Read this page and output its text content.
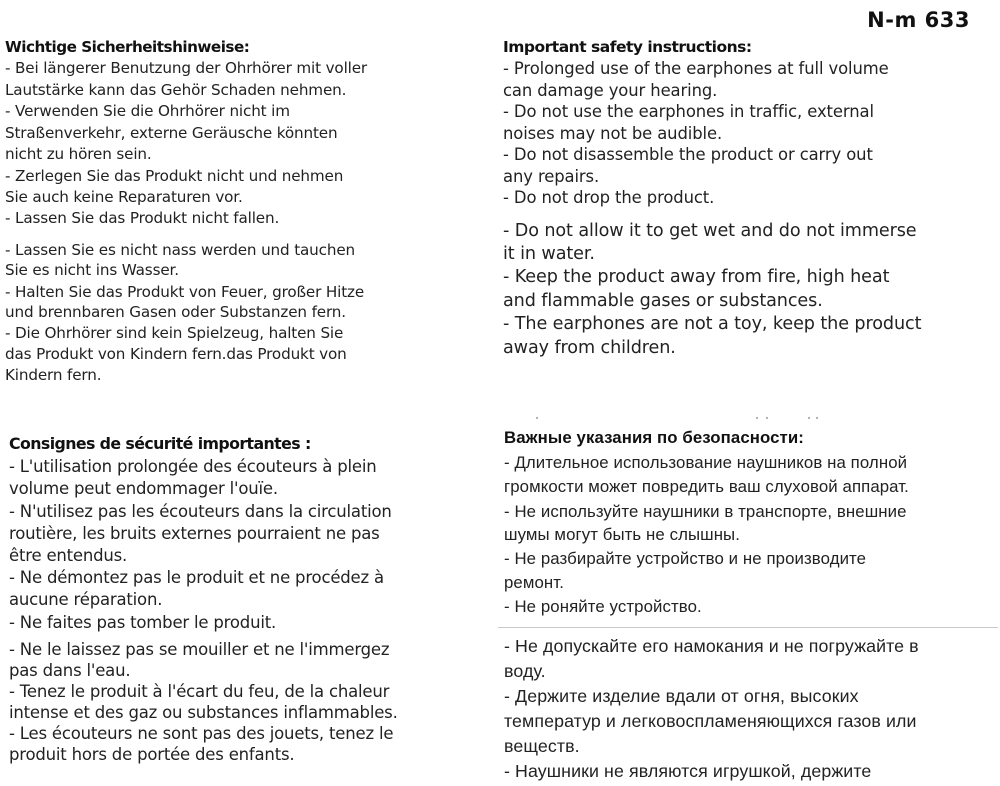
N-m 633
Wichtige Sicherheitshinweise:
- Bei längerer Benutzung der Ohrhörer mit voller
Lautstärke kann das Gehör Schaden nehmen.
- Verwenden Sie die Ohrhörer nicht im
Straßenverkehr, externe Geräusche könnten
nicht zu hören sein.
- Zerlegen Sie das Produkt nicht und nehmen
Sie auch keine Reparaturen vor.
- Lassen Sie das Produkt nicht fallen.
- Lassen Sie es nicht nass werden und tauchen
Sie es nicht ins Wasser.
- Halten Sie das Produkt von Feuer, großer Hitze
und brennbaren Gasen oder Substanzen fern.
- Die Ohrhörer sind kein Spielzeug, halten Sie
das Produkt von Kindern fern.das Produkt von
Kindern fern.
Important safety instructions:
- Prolonged use of the earphones at full volume
can damage your hearing.
- Do not use the earphones in traffic, external
noises may not be audible.
- Do not disassemble the product or carry out
any repairs.
- Do not drop the product.
- Do not allow it to get wet and do not immerse
it in water.
- Keep the product away from fire, high heat
and flammable gases or substances.
- The earphones are not a toy, keep the product
away from children.
Consignes de sécurité importantes :
- L'utilisation prolongée des écouteurs à plein
volume peut endommager l'ouïe.
- N'utilisez pas les écouteurs dans la circulation
routière, les bruits externes pourraient ne pas
être entendus.
- Ne démontez pas le produit et ne procédez à
aucune réparation.
- Ne faites pas tomber le produit.
- Ne le laissez pas se mouiller et ne l'immergez
pas dans l'eau.
- Tenez le produit à l'écart du feu, de la chaleur
intense et des gaz ou substances inflammables.
- Les écouteurs ne sont pas des jouets, tenez le
produit hors de portée des enfants.
Важные указания по безопасности:
- Длительное использование наушников на полной
громкости может повредить ваш слуховой аппарат.
- Не используйте наушники в транспорте, внешние
шумы могут быть не слышны.
- Не разбирайте устройство и не производите
ремонт.
- Не роняйте устройство.
- Не допускайте его намокания и не погружайте в
воду.
- Держите изделие вдали от огня, высоких
температур и легковоспламеняющихся газов или
веществ.
- Наушники не являются игрушкой, держите
